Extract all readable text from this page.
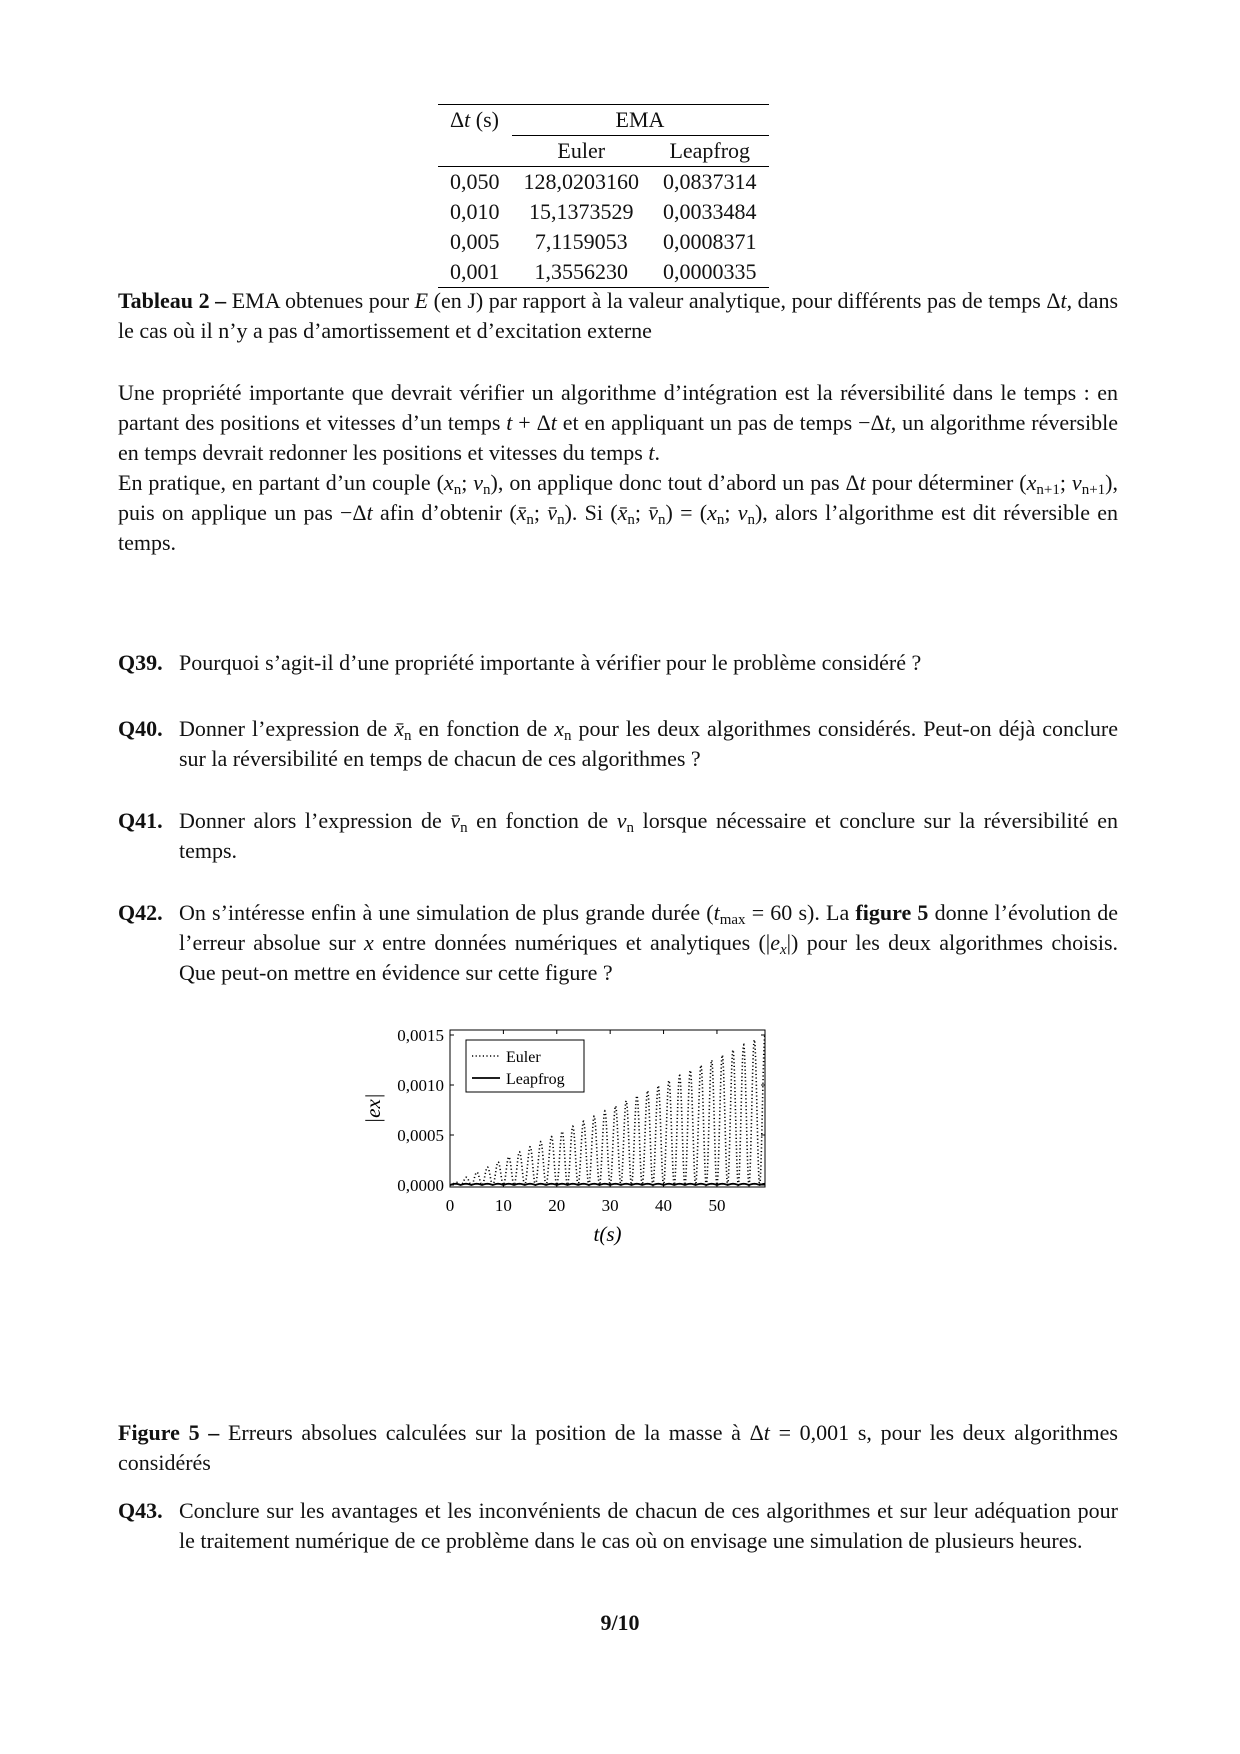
Δt (s)	EMA	
	Euler	Leapfrog
0,050	128,0203160	0,0837314
0,010	15,1373529	0,0033484
0,005	7,1159053	0,0008371
0,001	1,3556230	0,0000335
Tableau 2 – EMA obtenues pour E (en J) par rapport à la valeur analytique, pour différents pas de temps Δt, dans le cas où il n’y a pas d’amortissement et d’excitation externe
Une propriété importante que devrait vérifier un algorithme d’intégration est la réversibilité dans le temps : en partant des positions et vitesses d’un temps t + Δt et en appliquant un pas de temps −Δt, un algorithme réversible en temps devrait redonner les positions et vitesses du temps t.
En pratique, en partant d’un couple ($x_n$; $v_n$), on applique donc tout d’abord un pas Δt pour déterminer ($x_{n+1}$; $v_{n+1}$), puis on applique un pas −Δt afin d’obtenir ($x̄_n$; $v̄_n$). Si ($x̄_n$; $v̄_n) = (x_n$; $v_n$), alors l’algorithme est dit réversible en temps.
Q39. Pourquoi s’agit-il d’une propriété importante à vérifier pour le problème considéré ?
Q40. Donner l’expression de $x̄_n$ en fonction de $x_n$ pour les deux algorithmes considérés. Peut-on déjà conclure sur la réversibilité en temps de chacun de ces algorithmes ?
Q41. Donner alors l’expression de $v̄_n$ en fonction de $v_n$ lorsque nécessaire et conclure sur la réversibilité en temps.
Q42. On s’intéresse enfin à une simulation de plus grande durée ($t_{max} = 60$ s). La figure 5 donne l’évolution de l’erreur absolue sur x entre données numériques et analytiques $(|e_x|)$ pour les deux algorithmes choisis. Que peut-on mettre en évidence sur cette figure ?
0 10 20 30 40 50
0,0000
0,0005
0,0010
0,0015
t(s)
|ex|
Euler
Leapfrog
Figure 5 – Erreurs absolues calculées sur la position de la masse à Δt = 0,001 s, pour les deux algorithmes considérés
Q43. Conclure sur les avantages et les inconvénients de chacun de ces algorithmes et sur leur adéquation pour le traitement numérique de ce problème dans le cas où on envisage une simulation de plusieurs heures.
9/10
